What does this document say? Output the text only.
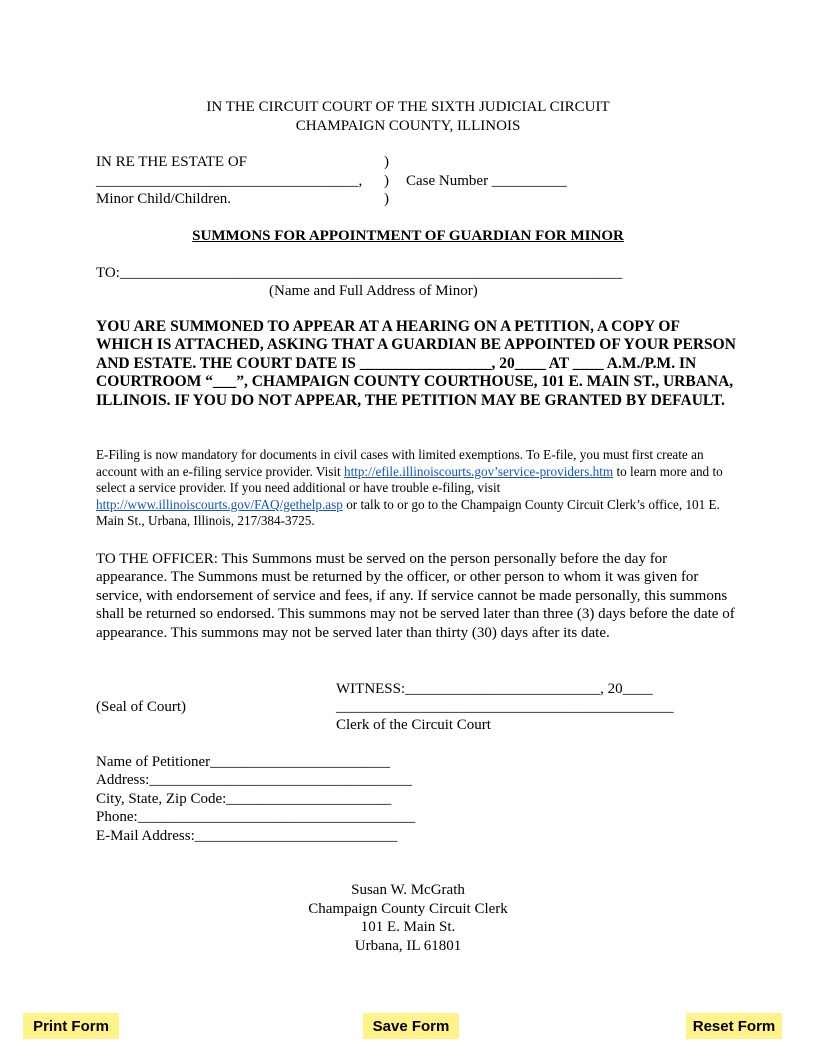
IN THE CIRCUIT COURT OF THE SIXTH JUDICIAL CIRCUIT
CHAMPAIGN COUNTY, ILLINOIS
IN RE THE ESTATE OF	)
___________________________________, ) Case Number __________
Minor Child/Children.	)
SUMMONS FOR APPOINTMENT OF GUARDIAN FOR MINOR
TO:___________________________________________________________________
(Name and Full Address of Minor)
YOU ARE SUMMONED TO APPEAR AT A HEARING ON A PETITION, A COPY OF WHICH IS ATTACHED, ASKING THAT A GUARDIAN BE APPOINTED OF YOUR PERSON AND ESTATE. THE COURT DATE IS _________________, 20____ AT ____ A.M./P.M. IN COURTROOM “___”, CHAMPAIGN COUNTY COURTHOUSE, 101 E. MAIN ST., URBANA, ILLINOIS. IF YOU DO NOT APPEAR, THE PETITION MAY BE GRANTED BY DEFAULT.
E-Filing is now mandatory for documents in civil cases with limited exemptions. To E-file, you must first create an account with an e-filing service provider. Visit http://efile.illinoiscourts.gov’service-providers.htm to learn more and to select a service provider. If you need additional or have trouble e-filing, visit http://www.illinoiscourts.gov/FAQ/gethelp.asp or talk to or go to the Champaign County Circuit Clerk’s office, 101 E. Main St., Urbana, Illinois, 217/384-3725.
TO THE OFFICER: This Summons must be served on the person personally before the day for appearance. The Summons must be returned by the officer, or other person to whom it was given for service, with endorsement of service and fees, if any. If service cannot be made personally, this summons shall be returned so endorsed. This summons may not be served later than three (3) days before the date of appearance. This summons may not be served later than thirty (30) days after its date.
WITNESS:__________________________, 20____
(Seal of Court)	_____________________________________________
Clerk of the Circuit Court
Name of Petitioner________________________
Address:___________________________________
City, State, Zip Code:______________________
Phone:_____________________________________
E-Mail Address:___________________________
Susan W. McGrath
Champaign County Circuit Clerk
101 E. Main St.
Urbana, IL 61801
Print Form	Save Form	Reset Form
